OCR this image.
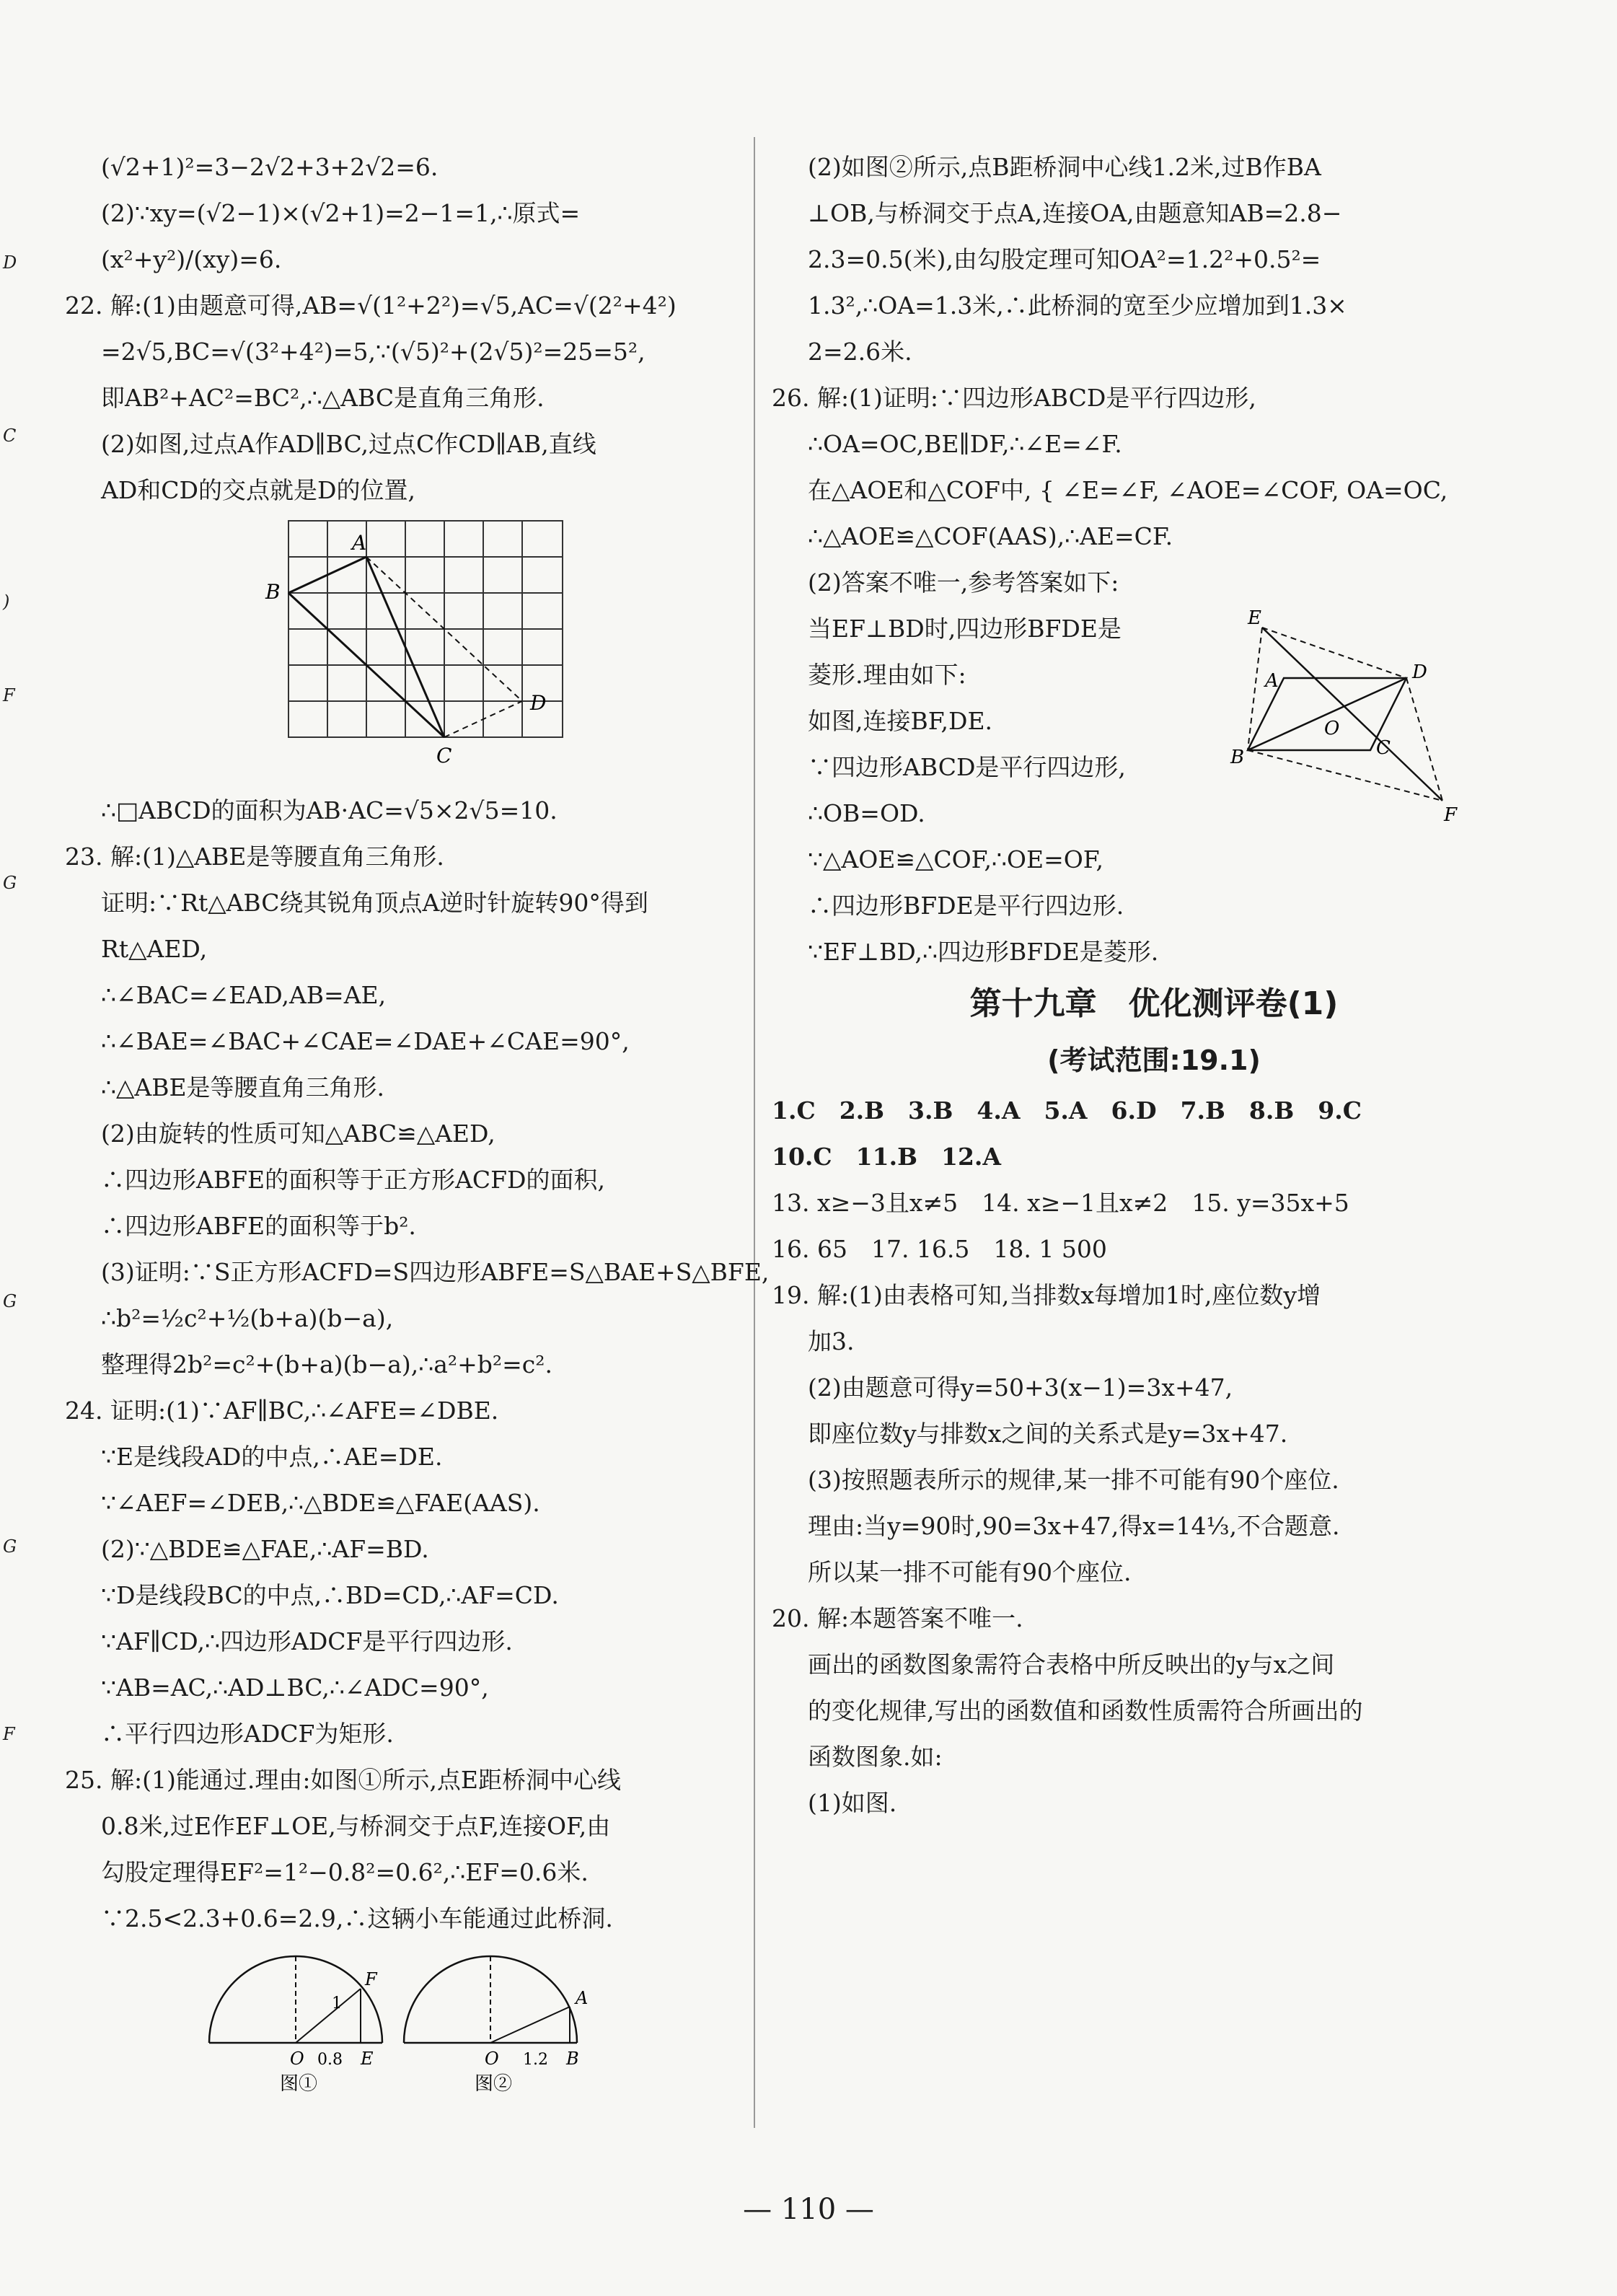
D
C
)
F
G
G
G
F
(√2+1)²=3−2√2+3+2√2=6.
(2)∵xy=(√2−1)×(√2+1)=2−1=1,∴原式=
(x²+y²)/(xy)=6.
22. 解:(1)由题意可得,AB=√(1²+2²)=√5,AC=√(2²+4²)
=2√5,BC=√(3²+4²)=5,∵(√5)²+(2√5)²=25=5²,
即AB²+AC²=BC²,∴△ABC是直角三角形.
(2)如图,过点A作AD∥BC,过点C作CD∥AB,直线
AD和CD的交点就是D的位置,
A
B
C
D
∴□ABCD的面积为AB·AC=√5×2√5=10.
23. 解:(1)△ABE是等腰直角三角形.
证明:∵Rt△ABC绕其锐角顶点A逆时针旋转90°得到
Rt△AED,
∴∠BAC=∠EAD,AB=AE,
∴∠BAE=∠BAC+∠CAE=∠DAE+∠CAE=90°,
∴△ABE是等腰直角三角形.
(2)由旋转的性质可知△ABC≌△AED,
∴四边形ABFE的面积等于正方形ACFD的面积,
∴四边形ABFE的面积等于b².
(3)证明:∵S正方形ACFD=S四边形ABFE=S△BAE+S△BFE,
∴b²=½c²+½(b+a)(b−a),
整理得2b²=c²+(b+a)(b−a),∴a²+b²=c².
24. 证明:(1)∵AF∥BC,∴∠AFE=∠DBE.
∵E是线段AD的中点,∴AE=DE.
∵∠AEF=∠DEB,∴△BDE≌△FAE(AAS).
(2)∵△BDE≌△FAE,∴AF=BD.
∵D是线段BC的中点,∴BD=CD,∴AF=CD.
∵AF∥CD,∴四边形ADCF是平行四边形.
∵AB=AC,∴AD⊥BC,∴∠ADC=90°,
∴平行四边形ADCF为矩形.
25. 解:(1)能通过.理由:如图①所示,点E距桥洞中心线
0.8米,过E作EF⊥OE,与桥洞交于点F,连接OF,由
勾股定理得EF²=1²−0.8²=0.6²,∴EF=0.6米.
∵2.5<2.3+0.6=2.9,∴这辆小车能通过此桥洞.
O	E
F
0.8
1
图①
O	B
A
1.2
图②
(2)如图②所示,点B距桥洞中心线1.2米,过B作BA
⊥OB,与桥洞交于点A,连接OA,由题意知AB=2.8−
2.3=0.5(米),由勾股定理可知OA²=1.2²+0.5²=
1.3²,∴OA=1.3米,∴此桥洞的宽至少应增加到1.3×
2=2.6米.
26. 解:(1)证明:∵四边形ABCD是平行四边形,
∴OA=OC,BE∥DF,∴∠E=∠F.
在△AOE和△COF中, { ∠E=∠F, ∠AOE=∠COF, OA=OC,
∴△AOE≌△COF(AAS),∴AE=CF.
(2)答案不唯一,参考答案如下:
当EF⊥BD时,四边形BFDE是
菱形.理由如下:
如图,连接BF,DE.
∵四边形ABCD是平行四边形,
∴OB=OD.
∵△AOE≌△COF,∴OE=OF,
∴四边形BFDE是平行四边形.
∵EF⊥BD,∴四边形BFDE是菱形.
E
A	D
O
B	C
F
第十九章　优化测评卷(1)
(考试范围:19.1)
1.C　2.B　3.B　4.A　5.A　6.D　7.B　8.B　9.C
10.C　11.B　12.A
13. x≥−3且x≠5　14. x≥−1且x≠2　15. y=35x+5
16. 65　17. 16.5　18. 1 500
19. 解:(1)由表格可知,当排数x每增加1时,座位数y增
加3.
(2)由题意可得y=50+3(x−1)=3x+47,
即座位数y与排数x之间的关系式是y=3x+47.
(3)按照题表所示的规律,某一排不可能有90个座位.
理由:当y=90时,90=3x+47,得x=14⅓,不合题意.
所以某一排不可能有90个座位.
20. 解:本题答案不唯一.
画出的函数图象需符合表格中所反映出的y与x之间
的变化规律,写出的函数值和函数性质需符合所画出的
函数图象.如:
(1)如图.
— 110 —
